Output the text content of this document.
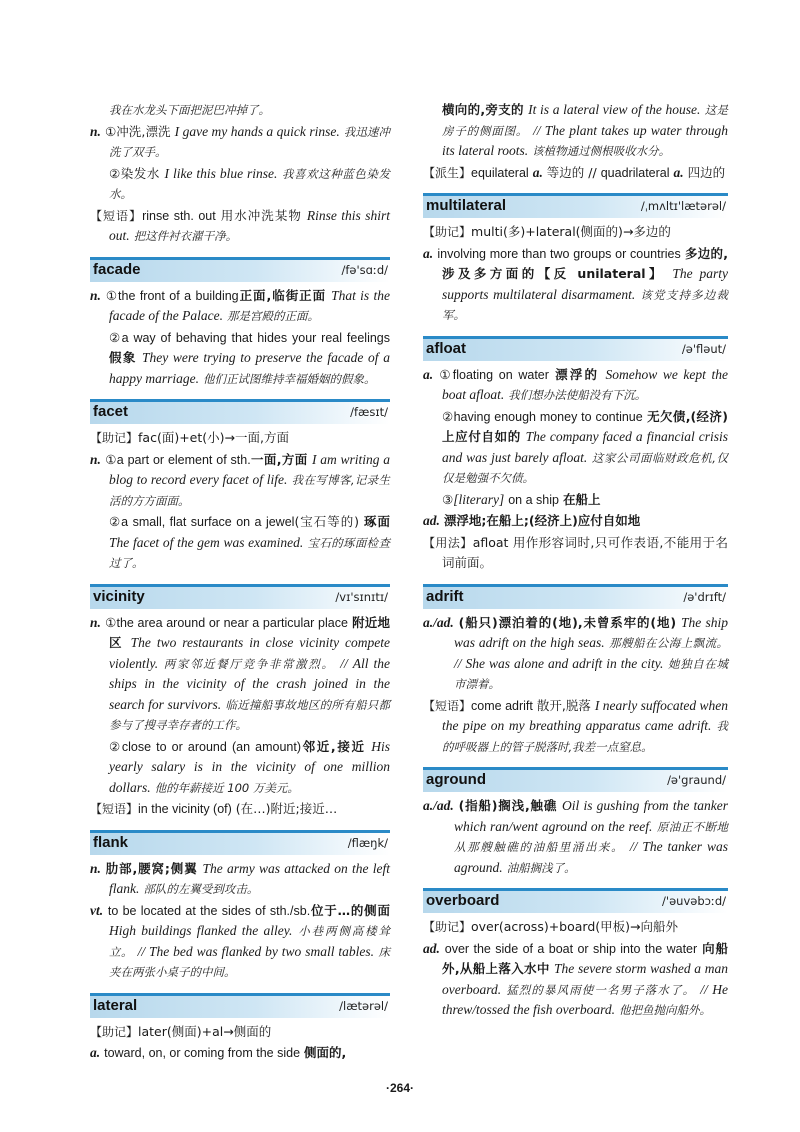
我在水龙头下面把泥巴冲掉了。

n. ①冲洗,漂洗 I gave my hands a quick rinse. 我迅速冲洗了双手。

②染发水 I like this blue rinse. 我喜欢这种蓝色染发水。

【短语】rinse sth. out 用水冲洗某物 Rinse this shirt out. 把这件衬衣濯干净。

facade	/fə'sɑːd/

n. ①the front of a building正面,临街正面 That is the facade of the Palace. 那是宫殿的正面。

②a way of behaving that hides your real feelings 假象 They were trying to preserve the facade of a happy marriage. 他们正试图维持幸福婚姻的假象。

facet	/fæsɪt/

【助记】fac(面)+et(小)→一面,方面

n. ①a part or element of sth.一面,方面 I am writing a blog to record every facet of life. 我在写博客,记录生活的方方面面。

②a small, flat surface on a jewel(宝石等的) 琢面 The facet of the gem was examined. 宝石的琢面检查过了。

vicinity	/vɪ'sɪnɪtɪ/

n. ①the area around or near a particular place 附近地区 The two restaurants in close vicinity compete violently. 两家邻近餐厅竞争非常激烈。 // All the ships in the vicinity of the crash joined in the search for survivors. 临近撞船事故地区的所有船只都参与了搜寻幸存者的工作。

②close to or around (an amount)邻近,接近 His yearly salary is in the vicinity of one million dollars. 他的年薪接近 100 万美元。

【短语】in the vicinity (of) (在…)附近;接近…

flank	/flæŋk/

n. 肋部,腰窝;侧翼 The army was attacked on the left flank. 部队的左翼受到攻击。

vt. to be located at the sides of sth./sb.位于…的侧面 High buildings flanked the alley. 小巷两侧高楼耸立。 // The bed was flanked by two small tables. 床夹在两张小桌子的中间。

lateral	/lætərəl/

【助记】later(侧面)+al→侧面的

a. toward, on, or coming from the side 侧面的,

横向的,旁支的 It is a lateral view of the house. 这是房子的侧面图。 // The plant takes up water through its lateral roots. 该植物通过侧根吸收水分。

【派生】equilateral a. 等边的 // quadrilateral a. 四边的

multilateral	/ˌmʌltɪ'lætərəl/

【助记】multi(多)+lateral(侧面的)→多边的

a. involving more than two groups or countries 多边的,涉及多方面的【反 unilateral】 The party supports multilateral disarmament. 该党支持多边裁军。

afloat	/ə'fləut/

a. ①floating on water 漂浮的 Somehow we kept the boat afloat. 我们想办法使船没有下沉。

②having enough money to continue 无欠债,(经济)上应付自如的 The company faced a financial crisis and was just barely afloat. 这家公司面临财政危机,仅仅是勉强不欠债。

③[literary] on a ship 在船上

ad. 漂浮地;在船上;(经济上)应付自如地

【用法】afloat 用作形容词时,只可作表语,不能用于名词前面。

adrift	/ə'drɪft/

a./ad. (船只)漂泊着的(地),未曾系牢的(地) The ship was adrift on the high seas. 那艘船在公海上飘流。 // She was alone and adrift in the city. 她独自在城市漂着。

【短语】come adrift 散开,脱落 I nearly suffocated when the pipe on my breathing apparatus came adrift. 我的呼吸器上的管子脱落时,我差一点窒息。

aground	/ə'graund/

a./ad. (指船)搁浅,触礁 Oil is gushing from the tanker which ran/went aground on the reef. 原油正不断地从那艘触礁的油船里涌出来。 // The tanker was aground. 油船搁浅了。

overboard	/'əuvəbɔːd/

【助记】over(across)+board(甲板)→向船外

ad. over the side of a boat or ship into the water 向船外,从船上落入水中 The severe storm washed a man overboard. 猛烈的暴风雨使一名男子落水了。 // He threw/tossed the fish overboard. 他把鱼抛向船外。

·264·
